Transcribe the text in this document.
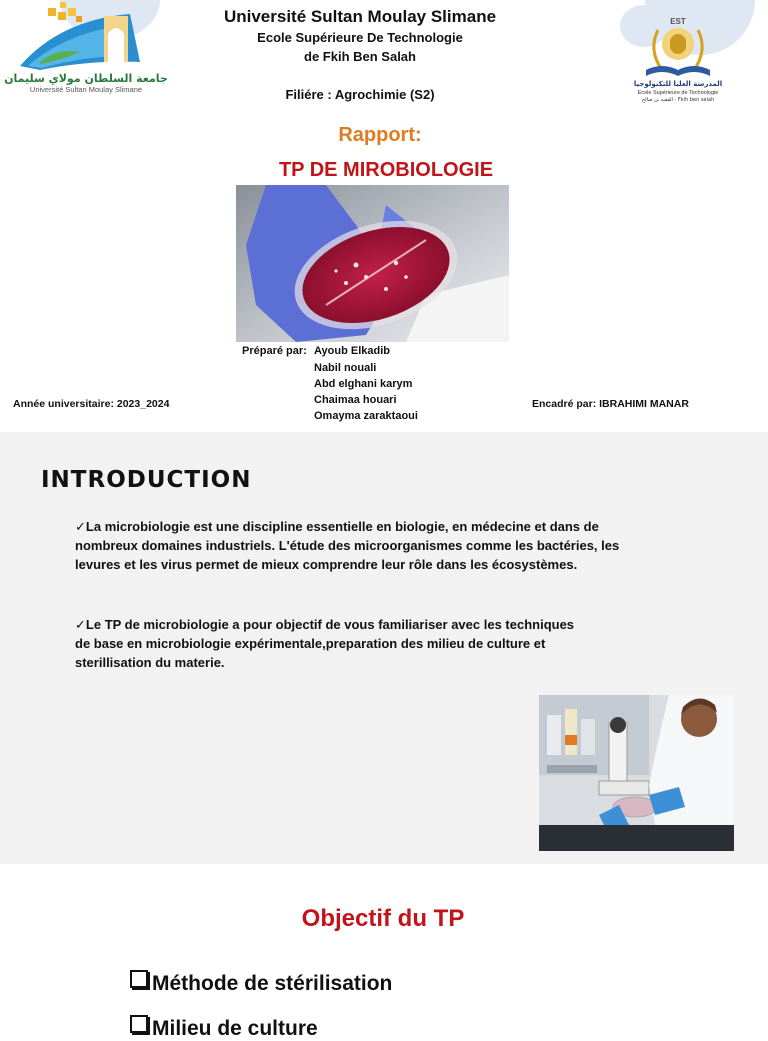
جامعة السلطان مولاي سليمان
Université Sultan Moulay Slimane
EST
المدرسة العليا للتكنولوجيا
Ecole Supérieure de Technologie
الفقيه بن صالح - Fkih ben salah
Université Sultan Moulay Slimane
Ecole Supérieure De Technologie
de Fkih Ben Salah
Filiére : Agrochimie (S2)
Rapport:
TP DE MIROBIOLOGIE
Préparé par: Ayoub Elkadib
Nabil nouali
Abd elghani karym
Chaimaa houari
Omayma zaraktaoui
Année universitaire: 2023_2024	Encadré par: IBRAHIMI MANAR
INTRODUCTION
✓La microbiologie est une discipline essentielle en biologie, en médecine et dans de
nombreux domaines industriels. L'étude des microorganismes comme les bactéries, les
levures et les virus permet de mieux comprendre leur rôle dans les écosystèmes.
✓Le TP de microbiologie a pour objectif de vous familiariser avec les techniques
de base en microbiologie expérimentale,preparation des milieu de culture et
sterillisation du materie.
Objectif du TP
Méthode de stérilisation
Milieu de culture
